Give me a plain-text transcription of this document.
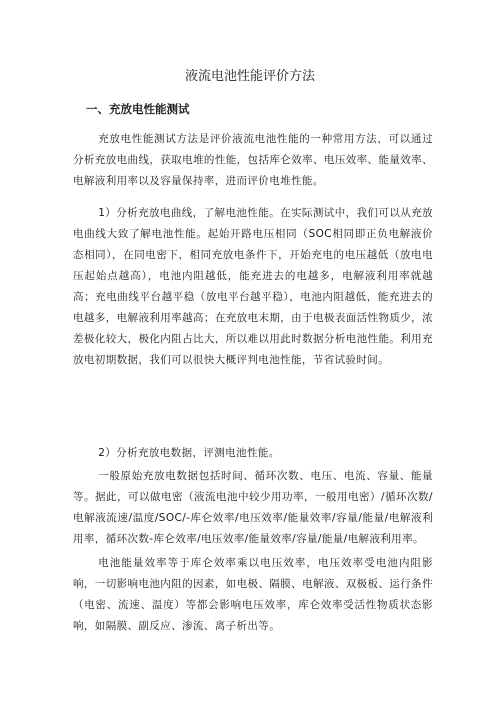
液流电池性能评价方法
一、充放电性能测试

充放电性能测试方法是评价液流电池性能的一种常用方法，可以通过分析充放电曲线，获取电堆的性能，包括库仑效率、电压效率、能量效率、电解液利用率以及容量保持率，进而评价电堆性能。

1）分析充放电曲线，了解电池性能。在实际测试中，我们可以从充放电曲线大致了解电池性能。起始开路电压相同（SOC相同即正负电解液价态相同），在同电密下，相同充放电条件下，开始充电的电压越低（放电电压起始点越高），电池内阻越低，能充进去的电越多，电解液利用率就越高；充电曲线平台越平稳（放电平台越平稳），电池内阻越低，能充进去的电越多，电解液利用率越高；在充放电末期，由于电极表面活性物质少，浓差极化较大，极化内阻占比大，所以难以用此时数据分析电池性能。利用充放电初期数据，我们可以很快大概评判电池性能，节省试验时间。

2）分析充放电数据，评测电池性能。

一般原始充放电数据包括时间、循环次数、电压、电流、容量、能量等。据此，可以做电密（液流电池中较少用功率，一般用电密）/循环次数/电解液流速/温度/SOC/-库仑效率/电压效率/能量效率/容量/能量/电解液利用率，循环次数-库仑效率/电压效率/能量效率/容量/能量/电解液利用率。

电池能量效率等于库仑效率乘以电压效率，电压效率受电池内阻影响，一切影响电池内阻的因素，如电极、隔膜、电解液、双极板、运行条件（电密、流速、温度）等都会影响电压效率，库仑效率受活性物质状态影响，如隔膜、副反应、渗流、离子析出等。
